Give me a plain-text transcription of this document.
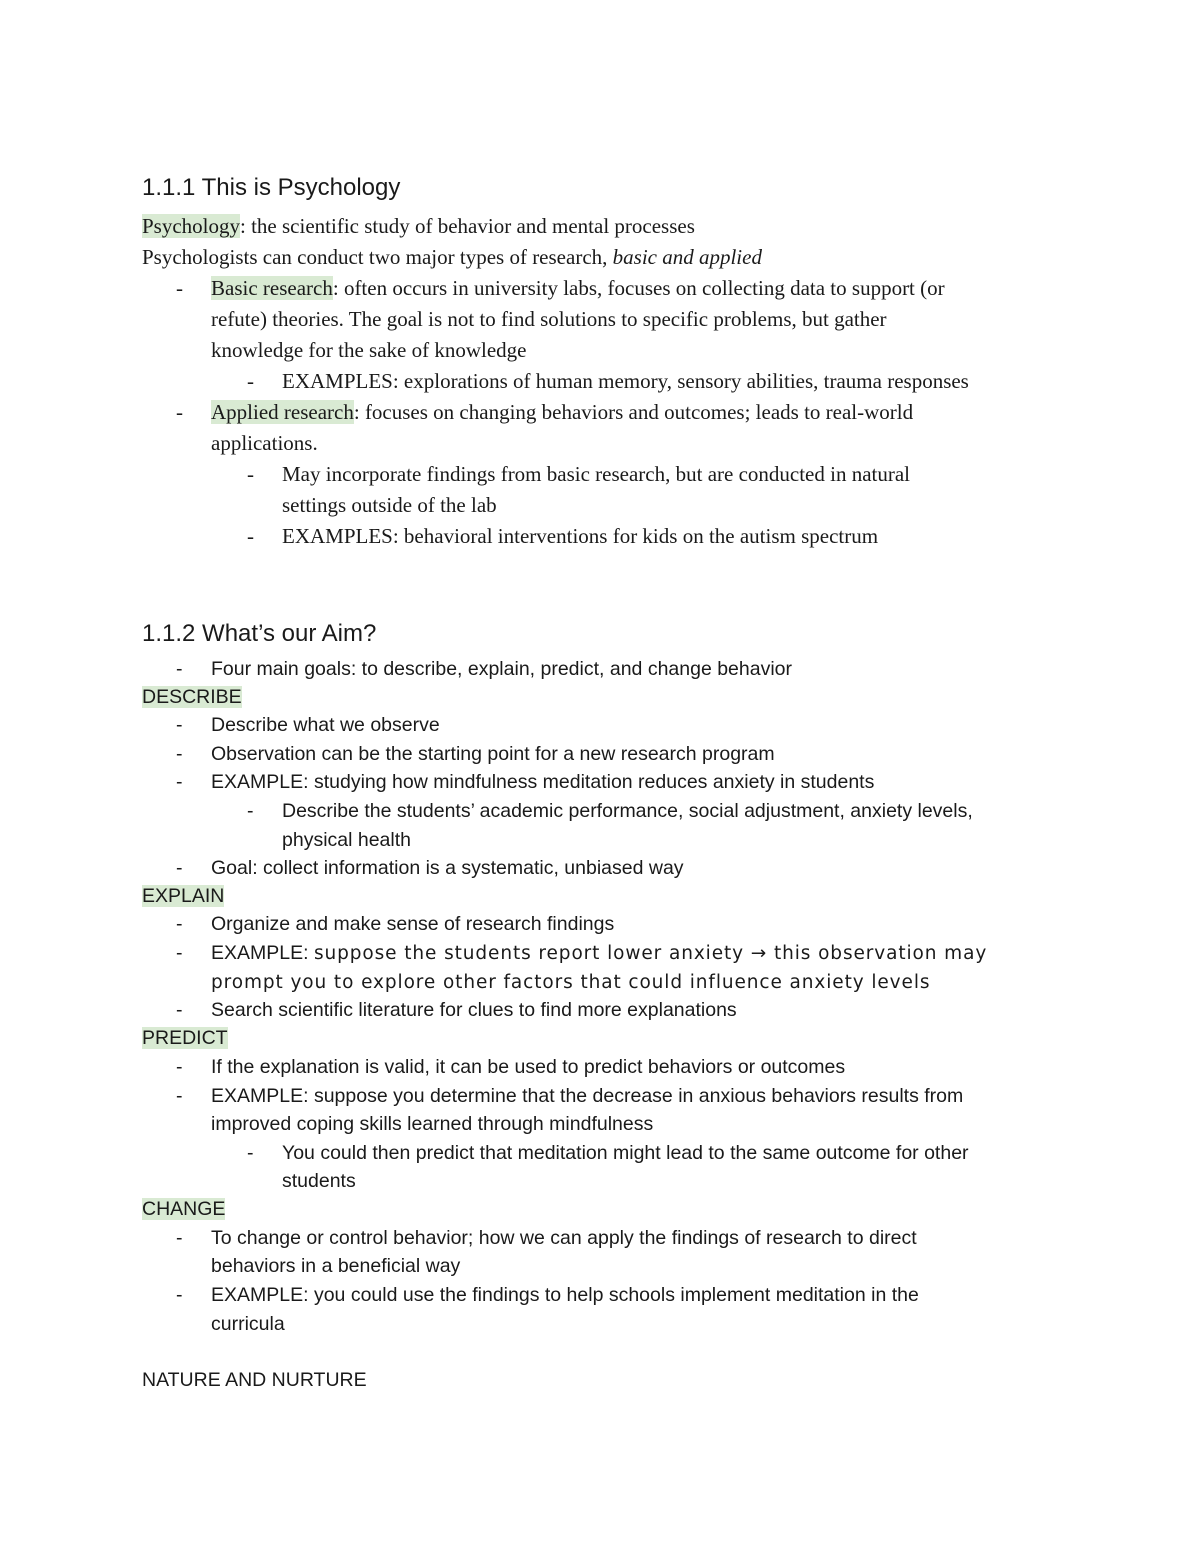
1.1.1 This is Psychology
Psychology: the scientific study of behavior and mental processes
Psychologists can conduct two major types of research, basic and applied
- Basic research: often occurs in university labs, focuses on collecting data to support (or
refute) theories. The goal is not to find solutions to specific problems, but gather
knowledge for the sake of knowledge
- EXAMPLES: explorations of human memory, sensory abilities, trauma responses
- Applied research: focuses on changing behaviors and outcomes; leads to real-world
applications.
- May incorporate findings from basic research, but are conducted in natural
settings outside of the lab
- EXAMPLES: behavioral interventions for kids on the autism spectrum
1.1.2 What’s our Aim?
- Four main goals: to describe, explain, predict, and change behavior
DESCRIBE
- Describe what we observe
- Observation can be the starting point for a new research program
- EXAMPLE: studying how mindfulness meditation reduces anxiety in students
- Describe the students’ academic performance, social adjustment, anxiety levels,
physical health
- Goal: collect information is a systematic, unbiased way
EXPLAIN
- Organize and make sense of research findings
- EXAMPLE: suppose the students report lower anxiety → this observation may
prompt you to explore other factors that could influence anxiety levels
- Search scientific literature for clues to find more explanations
PREDICT
- If the explanation is valid, it can be used to predict behaviors or outcomes
- EXAMPLE: suppose you determine that the decrease in anxious behaviors results from
improved coping skills learned through mindfulness
- You could then predict that meditation might lead to the same outcome for other
students
CHANGE
- To change or control behavior; how we can apply the findings of research to direct
behaviors in a beneficial way
- EXAMPLE: you could use the findings to help schools implement meditation in the
curricula
NATURE AND NURTURE
